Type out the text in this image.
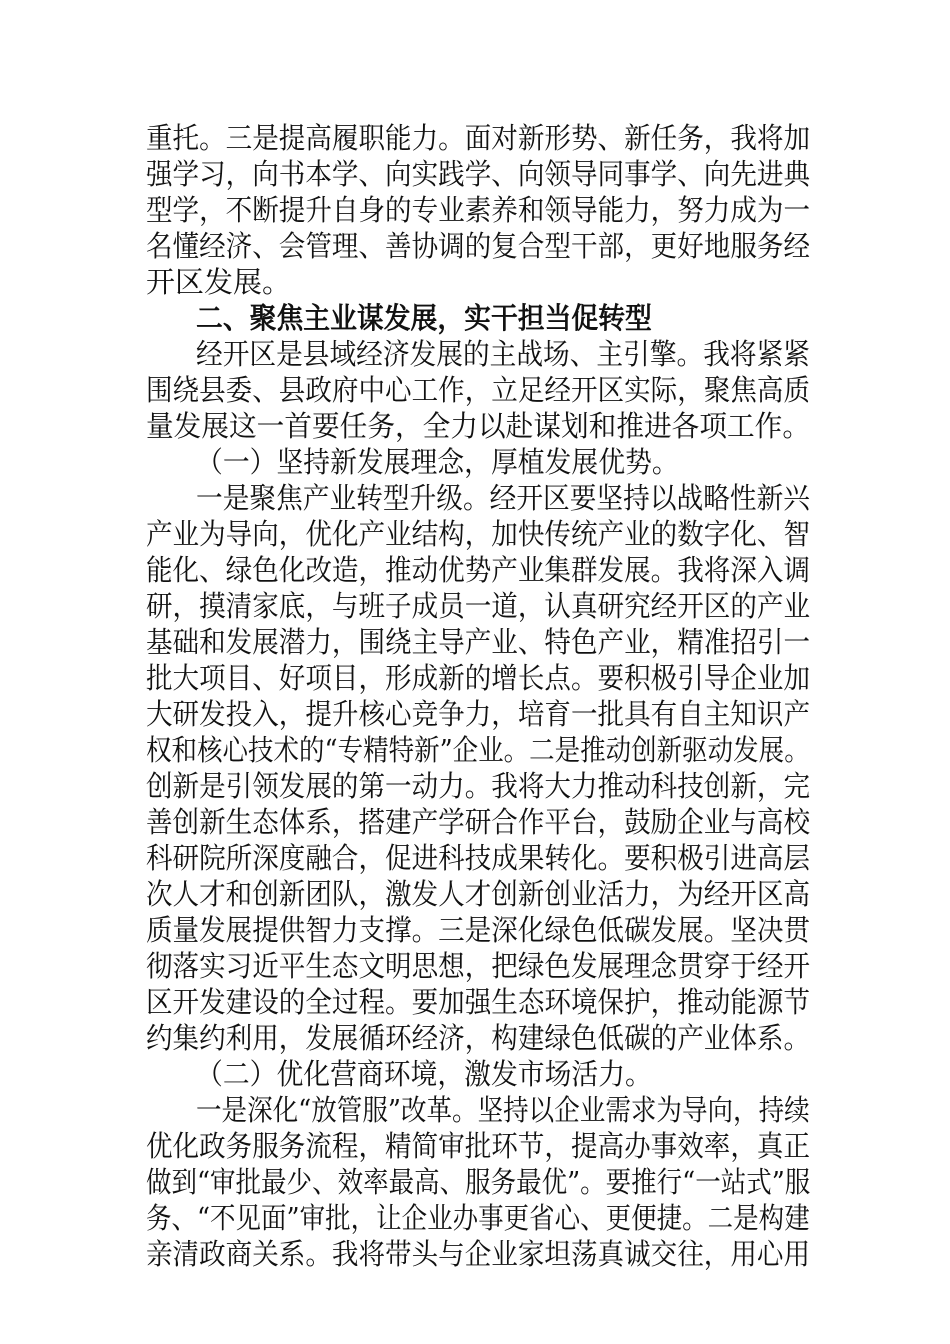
重托。三是提高履职能力。面对新形势、新任务，我将加
强学习，向书本学、向实践学、向领导同事学、向先进典
型学，不断提升自身的专业素养和领导能力，努力成为一
名懂经济、会管理、善协调的复合型干部，更好地服务经
开区发展。
二、聚焦主业谋发展，实干担当促转型
经开区是县域经济发展的主战场、主引擎。我将紧紧
围绕县委、县政府中心工作，立足经开区实际，聚焦高质
量发展这一首要任务，全力以赴谋划和推进各项工作。
（一）坚持新发展理念，厚植发展优势。
一是聚焦产业转型升级。经开区要坚持以战略性新兴
产业为导向，优化产业结构，加快传统产业的数字化、智
能化、绿色化改造，推动优势产业集群发展。我将深入调
研，摸清家底，与班子成员一道，认真研究经开区的产业
基础和发展潜力，围绕主导产业、特色产业，精准招引一
批大项目、好项目，形成新的增长点。要积极引导企业加
大研发投入，提升核心竞争力，培育一批具有自主知识产
权和核心技术的“专精特新”企业。二是推动创新驱动发展。
创新是引领发展的第一动力。我将大力推动科技创新，完
善创新生态体系，搭建产学研合作平台，鼓励企业与高校
科研院所深度融合，促进科技成果转化。要积极引进高层
次人才和创新团队，激发人才创新创业活力，为经开区高
质量发展提供智力支撑。三是深化绿色低碳发展。坚决贯
彻落实习近平生态文明思想，把绿色发展理念贯穿于经开
区开发建设的全过程。要加强生态环境保护，推动能源节
约集约利用，发展循环经济，构建绿色低碳的产业体系。
（二）优化营商环境，激发市场活力。
一是深化“放管服”改革。坚持以企业需求为导向，持续
优化政务服务流程，精简审批环节，提高办事效率，真正
做到“审批最少、效率最高、服务最优”。要推行“一站式”服
务、“不见面”审批，让企业办事更省心、更便捷。二是构建
亲清政商关系。我将带头与企业家坦荡真诚交往，用心用
